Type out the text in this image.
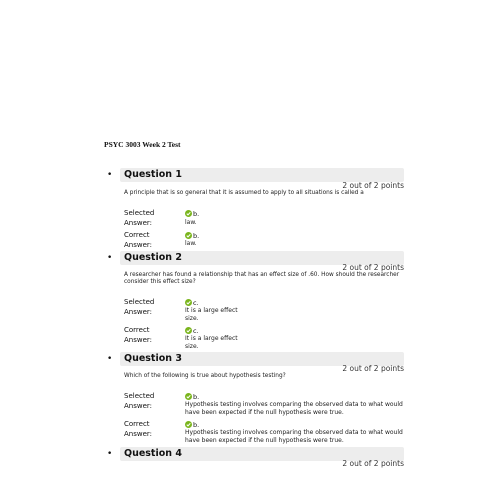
PSYC 3003 Week 2 Test
• Question 1
2 out of 2 points
A principle that is so general that it is assumed to apply to all situations is called a
Selected
Answer:
b.
law.
Correct
Answer:
b.
law.
• Question 2
2 out of 2 points
A researcher has found a relationship that has an effect size of .60. How should the researcher consider this effect size?
Selected
Answer:
c.
It is a large effect
size.
Correct
Answer:
c.
It is a large effect
size.
• Question 3
2 out of 2 points
Which of the following is true about hypothesis testing?
Selected
Answer:
b.
Hypothesis testing involves comparing the observed data to what would
have been expected if the null hypothesis were true.
Correct
Answer:
b.
Hypothesis testing involves comparing the observed data to what would
have been expected if the null hypothesis were true.
• Question 4
2 out of 2 points
